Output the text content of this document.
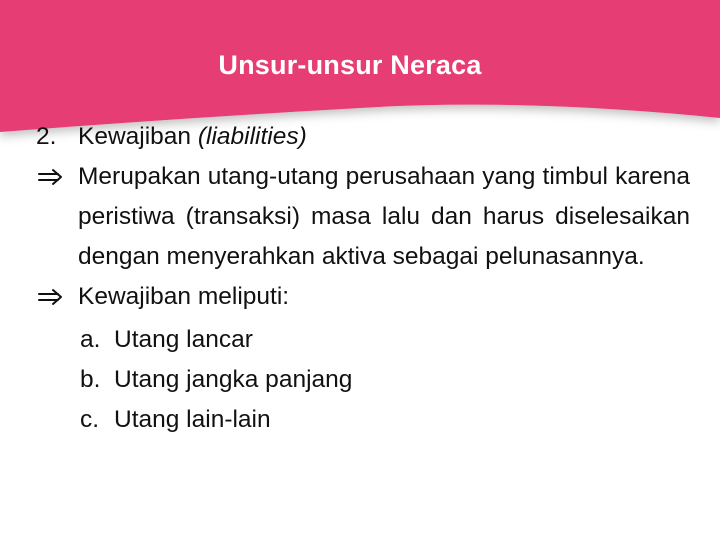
Unsur-unsur Neraca
2. Kewajiban (liabilities)
Merupakan utang-utang perusahaan yang timbul karena peristiwa (transaksi) masa lalu dan harus diselesaikan dengan menyerahkan aktiva sebagai pelunasannya.
Kewajiban meliputi:
a. Utang lancar
b. Utang jangka panjang
c. Utang lain-lain
